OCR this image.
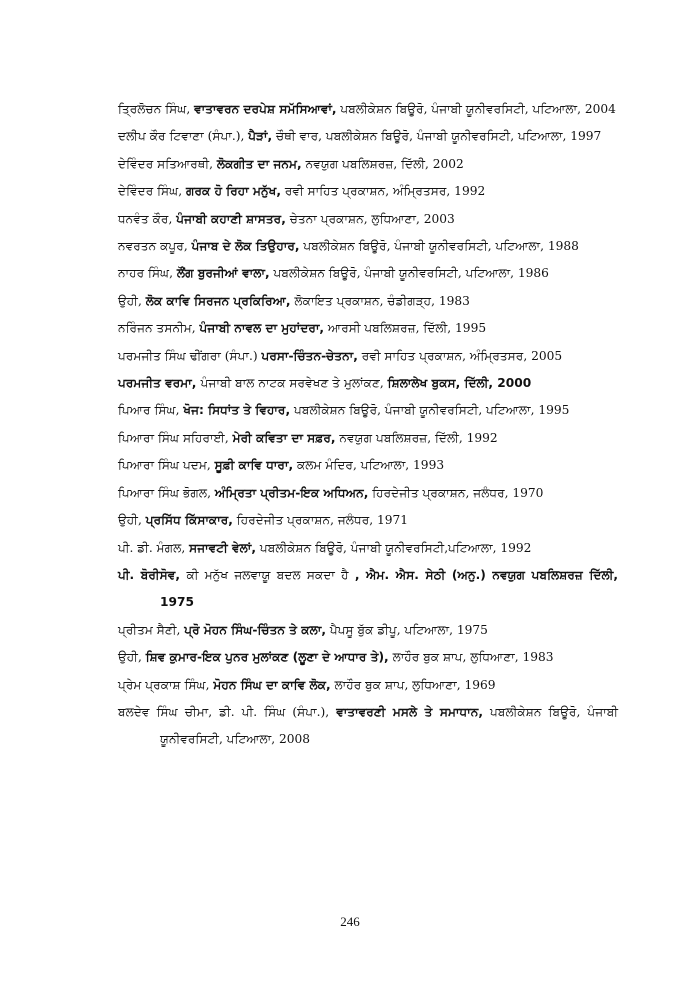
ਤ੍ਰਿਲੋਚਨ ਸਿੰਘ, ਵਾਤਾਵਰਨ ਦਰਪੇਸ਼ ਸਮੱਸਿਆਵਾਂ, ਪਬਲੀਕੇਸ਼ਨ ਬਿਊਰੋ, ਪੰਜਾਬੀ ਯੂਨੀਵਰਸਿਟੀ, ਪਟਿਆਲਾ, 2004
ਦਲੀਪ ਕੌਰ ਟਿਵਾਣਾ (ਸੰਪਾ.), ਪੈੜਾਂ, ਚੌਥੀ ਵਾਰ, ਪਬਲੀਕੇਸ਼ਨ ਬਿਊਰੋ, ਪੰਜਾਬੀ ਯੂਨੀਵਰਸਿਟੀ, ਪਟਿਆਲਾ, 1997
ਦੇਵਿੰਦਰ ਸਤਿਆਰਥੀ, ਲੋਕਗੀਤ ਦਾ ਜਨਮ, ਨਵਯੁਗ ਪਬਲਿਸ਼ਰਜ਼, ਦਿੱਲੀ, 2002
ਦੇਵਿੰਦਰ ਸਿੰਘ, ਗਰਕ ਹੋ ਰਿਹਾ ਮਨੁੱਖ, ਰਵੀ ਸਾਹਿਤ ਪ੍ਰਕਾਸ਼ਨ, ਅੰਮ੍ਰਿਤਸਰ, 1992
ਧਨਵੰਤ ਕੌਰ, ਪੰਜਾਬੀ ਕਹਾਣੀ ਸ਼ਾਸਤਰ, ਚੇਤਨਾ ਪ੍ਰਕਾਸ਼ਨ, ਲੁਧਿਆਣਾ, 2003
ਨਵਰਤਨ ਕਪੂਰ, ਪੰਜਾਬ ਦੇ ਲੋਕ ਤਿਉਹਾਰ, ਪਬਲੀਕੇਸ਼ਨ ਬਿਊਰੋ, ਪੰਜਾਬੀ ਯੂਨੀਵਰਸਿਟੀ, ਪਟਿਆਲਾ, 1988
ਨਾਹਰ ਸਿੰਘ, ਲੌਂਗ ਬੁਰਜੀਆਂ ਵਾਲਾ, ਪਬਲੀਕੇਸ਼ਨ ਬਿਊਰੋ, ਪੰਜਾਬੀ ਯੂਨੀਵਰਸਿਟੀ, ਪਟਿਆਲਾ, 1986
ਉਹੀ, ਲੋਕ ਕਾਵਿ ਸਿਰਜਨ ਪ੍ਰਕਿਰਿਆ, ਲੋਕਾਇਤ ਪ੍ਰਕਾਸ਼ਨ, ਚੰਡੀਗੜ੍ਹ, 1983
ਨਰਿੰਜਨ ਤਸਨੀਮ, ਪੰਜਾਬੀ ਨਾਵਲ ਦਾ ਮੁਹਾਂਦਰਾ, ਆਰਸੀ ਪਬਲਿਸ਼ਰਜ਼, ਦਿੱਲੀ, 1995
ਪਰਮਜੀਤ ਸਿੰਘ ਢੀਂਗਰਾ (ਸੰਪਾ.) ਪਰਸਾ-ਚਿੰਤਨ-ਚੇਤਨਾ, ਰਵੀ ਸਾਹਿਤ ਪ੍ਰਕਾਸ਼ਨ, ਅੰਮ੍ਰਿਤਸਰ, 2005
ਪਰਮਜੀਤ ਵਰਮਾ, ਪੰਜਾਬੀ ਬਾਲ ਨਾਟਕ ਸਰਵੇਖਣ ਤੇ ਮੁਲਾਂਕਣ, ਸ਼ਿਲਾਲੇਖ ਬੁਕਸ, ਦਿੱਲੀ, 2000
ਪਿਆਰ ਸਿੰਘ, ਖੋਜ: ਸਿਧਾਂਤ ਤੇ ਵਿਹਾਰ, ਪਬਲੀਕੇਸ਼ਨ ਬਿਊਰੋ, ਪੰਜਾਬੀ ਯੂਨੀਵਰਸਿਟੀ, ਪਟਿਆਲਾ, 1995
ਪਿਆਰਾ ਸਿੰਘ ਸਹਿਰਾਈ, ਮੇਰੀ ਕਵਿਤਾ ਦਾ ਸਫ਼ਰ, ਨਵਯੁਗ ਪਬਲਿਸ਼ਰਜ਼, ਦਿੱਲੀ, 1992
ਪਿਆਰਾ ਸਿੰਘ ਪਦਮ, ਸੂਫ਼ੀ ਕਾਵਿ ਧਾਰਾ, ਕਲਮ ਮੰਦਿਰ, ਪਟਿਆਲਾ, 1993
ਪਿਆਰਾ ਸਿੰਘ ਭੋਗਲ, ਅੰਮ੍ਰਿਤਾ ਪ੍ਰੀਤਮ-ਇਕ ਅਧਿਅਨ, ਹਿਰਦੇਜੀਤ ਪ੍ਰਕਾਸ਼ਨ, ਜਲੰਧਰ, 1970
ਉਹੀ, ਪ੍ਰਸਿੱਧ ਕਿੱਸਾਕਾਰ, ਹਿਰਦੇਜੀਤ ਪ੍ਰਕਾਸ਼ਨ, ਜਲੰਧਰ, 1971
ਪੀ. ਡੀ. ਮੰਗਲ, ਸਜਾਵਟੀ ਵੇਲਾਂ, ਪਬਲੀਕੇਸ਼ਨ ਬਿਊਰੋ, ਪੰਜਾਬੀ ਯੂਨੀਵਰਸਿਟੀ,ਪਟਿਆਲਾ, 1992
ਪੀ. ਬੋਰੀਸੋਵ, ਕੀ ਮਨੁੱਖ ਜਲਵਾਯੂ ਬਦਲ ਸਕਦਾ ਹੈ , ਐਮ. ਐਸ. ਸੇਠੀ (ਅਨੁ.) ਨਵਯੁਗ ਪਬਲਿਸ਼ਰਜ਼ ਦਿੱਲੀ, 1975
ਪ੍ਰੀਤਮ ਸੈਣੀ, ਪ੍ਰੋ ਮੋਹਨ ਸਿੰਘ-ਚਿੰਤਨ ਤੇ ਕਲਾ, ਪੈਪਸੂ ਬੁੱਕ ਡੀਪੂ, ਪਟਿਆਲਾ, 1975
ਉਹੀ, ਸ਼ਿਵ ਕੁਮਾਰ-ਇਕ ਪੁਨਰ ਮੁਲਾਂਕਣ (ਲੂਣਾ ਦੇ ਆਧਾਰ ਤੇ), ਲਾਹੌਰ ਬੁਕ ਸ਼ਾਪ, ਲੁਧਿਆਣਾ, 1983
ਪ੍ਰੇਮ ਪ੍ਰਕਾਸ਼ ਸਿੰਘ, ਮੋਹਨ ਸਿੰਘ ਦਾ ਕਾਵਿ ਲੋਕ, ਲਾਹੌਰ ਬੁਕ ਸ਼ਾਪ, ਲੁਧਿਆਣਾ, 1969
ਬਲਦੇਵ ਸਿੰਘ ਚੀਮਾ, ਡੀ. ਪੀ. ਸਿੰਘ (ਸੰਪਾ.), ਵਾਤਾਵਰਣੀ ਮਸਲੇ ਤੇ ਸਮਾਧਾਨ, ਪਬਲੀਕੇਸ਼ਨ ਬਿਊਰੋ, ਪੰਜਾਬੀ ਯੂਨੀਵਰਸਿਟੀ, ਪਟਿਆਲਾ, 2008
246
